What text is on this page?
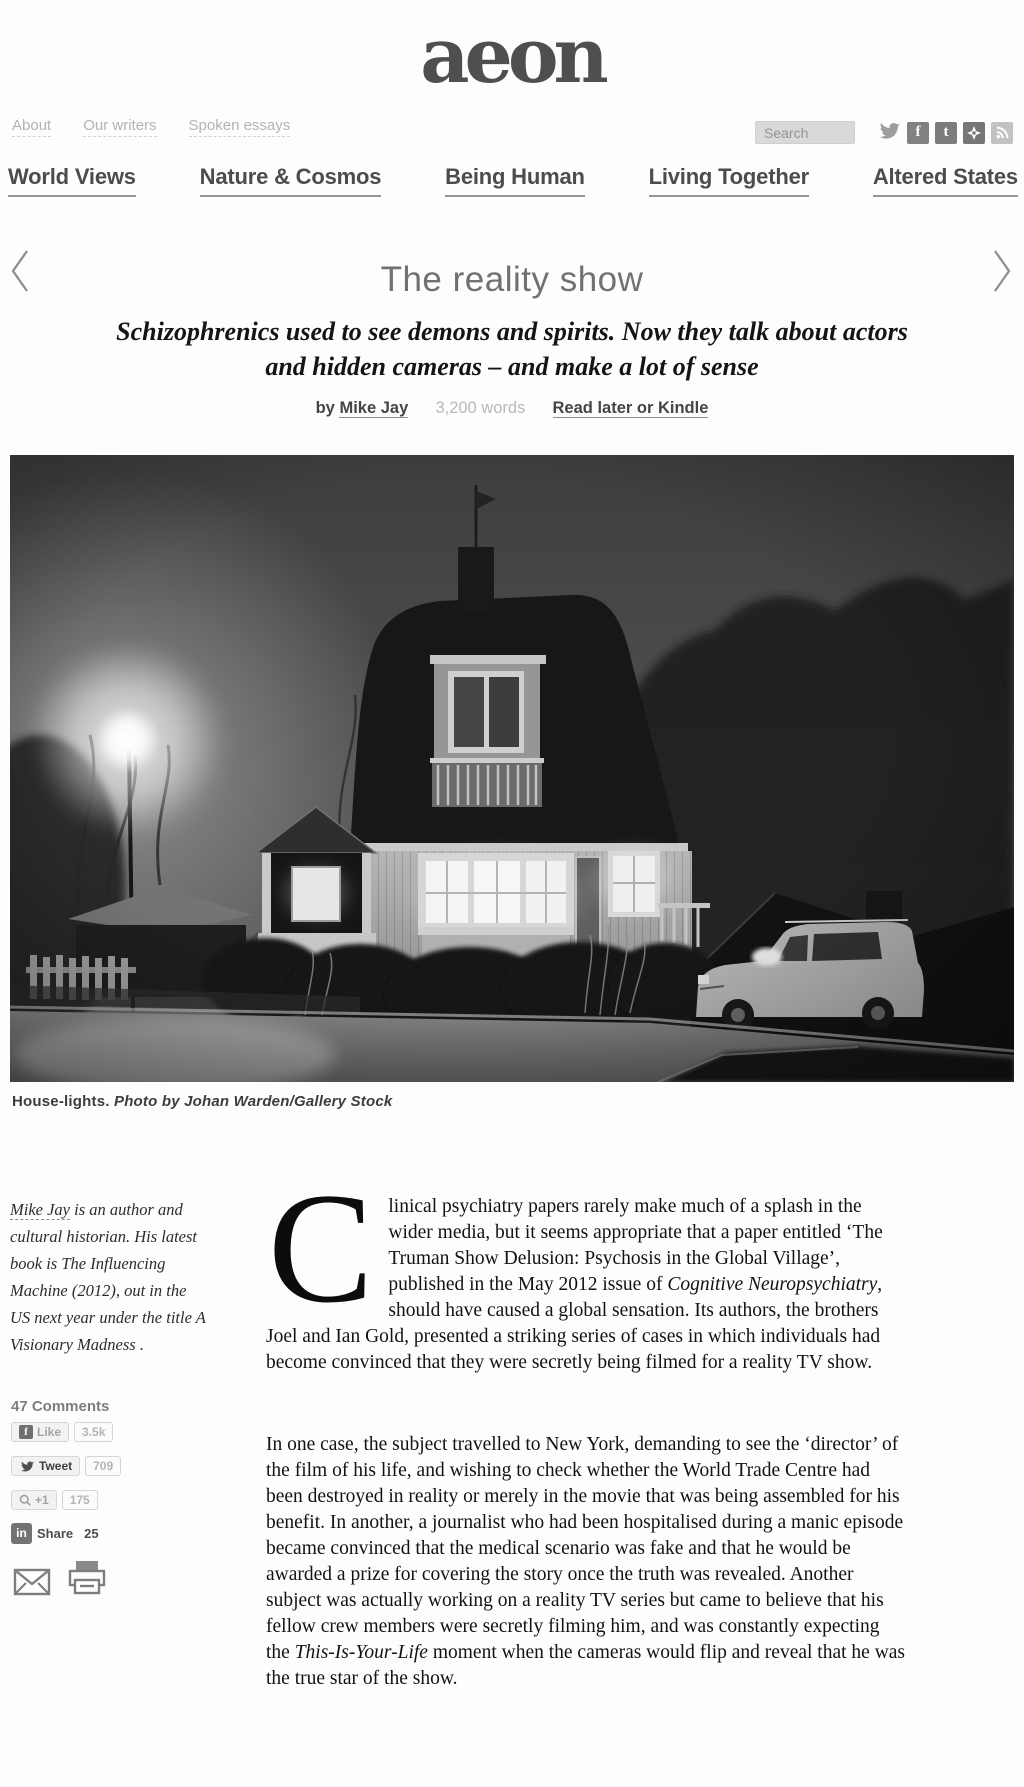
aeon
About Our writers Spoken essays
Search	f	t
World Views	Nature & Cosmos	Being Human	Living Together	Altered States
The reality show
Schizophrenics used to see demons and spirits. Now they talk about actors and hidden cameras – and make a lot of sense
by Mike Jay 3,200 words Read later or Kindle
House-lights. Photo by Johan Warden/Gallery Stock
Mike Jay is an author and cultural historian. His latest book is The Influencing Machine (2012), out in the US next year under the title A Visionary Madness .
47 Comments
f Like	3.5k
Tweet	709
+1	175
in Share 25

Clinical psychiatry papers rarely make much of a splash in the wider media, but it seems appropriate that a paper entitled ‘The Truman Show Delusion: Psychosis in the Global Village’, published in the May 2012 issue of Cognitive Neuropsychiatry, should have caused a global sensation. Its authors, the brothers Joel and Ian Gold, presented a striking series of cases in which individuals had become convinced that they were secretly being filmed for a reality TV show.

In one case, the subject travelled to New York, demanding to see the ‘director’ of the film of his life, and wishing to check whether the World Trade Centre had been destroyed in reality or merely in the movie that was being assembled for his benefit. In another, a journalist who had been hospitalised during a manic episode became convinced that the medical scenario was fake and that he would be awarded a prize for covering the story once the truth was revealed. Another subject was actually working on a reality TV series but came to believe that his fellow crew members were secretly filming him, and was constantly expecting the This-Is-Your-Life moment when the cameras would flip and reveal that he was the true star of the show.
